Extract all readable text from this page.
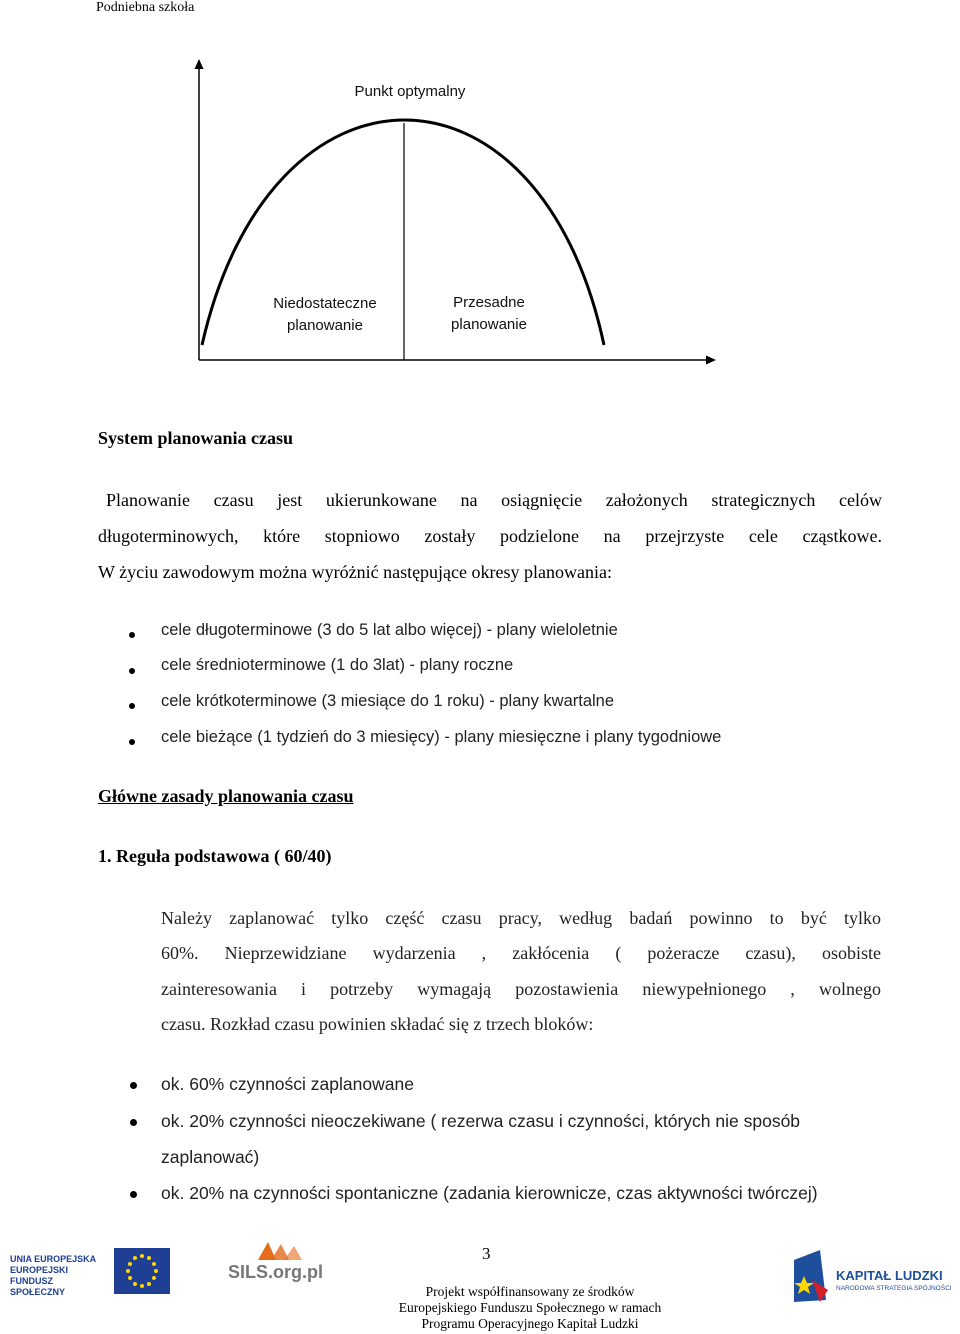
Podniebna szkoła
Punkt optymalny
Niedostateczne
planowanie
Przesadne
planowanie
System planowania czasu
Planowanie czasu jest ukierunkowane na osiągnięcie założonych strategicznych celów
długoterminowych, które stopniowo zostały podzielone na przejrzyste cele cząstkowe.
W życiu zawodowym można wyróżnić następujące okresy planowania:
cele długoterminowe (3 do 5 lat albo więcej) - plany wieloletnie
cele średnioterminowe (1 do 3lat) - plany roczne
cele krótkoterminowe (3 miesiące do 1 roku) - plany kwartalne
cele bieżące (1 tydzień do 3 miesięcy) - plany miesięczne i plany tygodniowe
Główne zasady planowania czasu
1. Reguła podstawowa ( 60/40)
Należy zaplanować tylko część czasu pracy, według badań powinno to być tylko
60%. Nieprzewidziane wydarzenia , zakłócenia ( pożeracze czasu), osobiste
zainteresowania i potrzeby wymagają pozostawienia niewypełnionego , wolnego
czasu. Rozkład czasu powinien składać się z trzech bloków:
ok. 60% czynności zaplanowane
ok. 20% czynności nieoczekiwane ( rezerwa czasu i czynności, których nie sposób
zaplanować)
ok. 20% na czynności spontaniczne (zadania kierownicze, czas aktywności twórczej)
3
Projekt współfinansowany ze środków
Europejskiego Funduszu Społecznego w ramach
Programu Operacyjnego Kapitał Ludzki
UNIA EUROPEJSKA
EUROPEJSKI
FUNDUSZ SPOŁECZNY
SILS.org.pl	KAPITAŁ LUDZKI
NARODOWA STRATEGIA SPÓJNOŚCI
